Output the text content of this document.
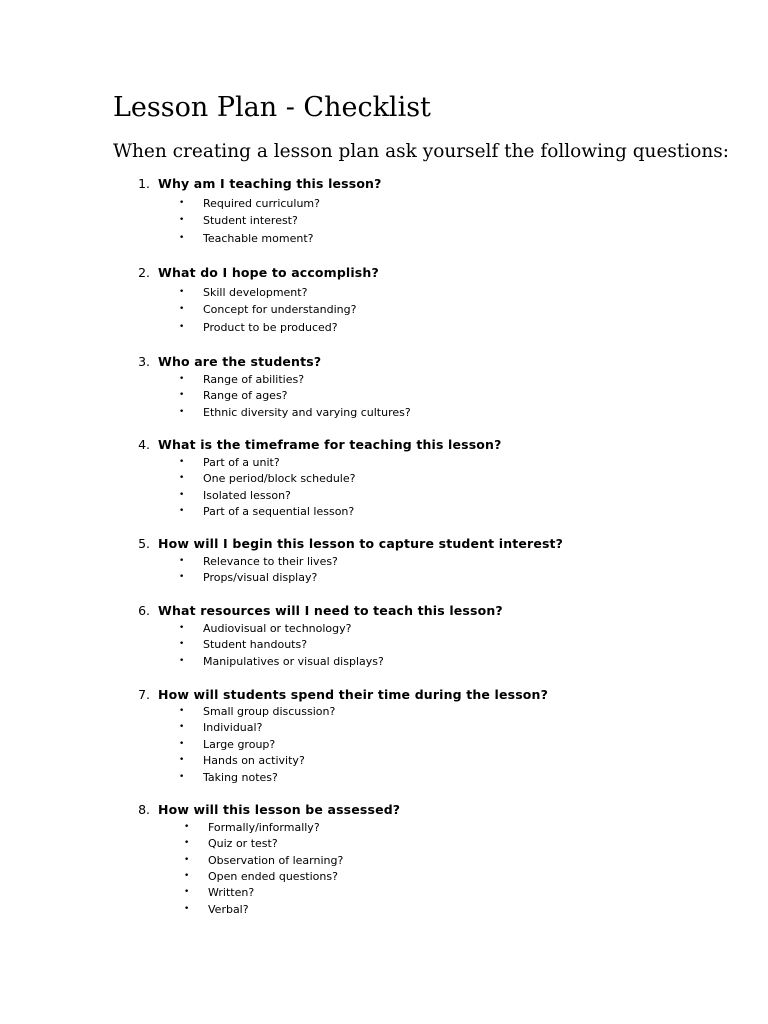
Lesson Plan - Checklist

When creating a lesson plan ask yourself the following questions:

1. Why am I teaching this lesson?
• Required curriculum?
• Student interest?
• Teachable moment?
2. What do I hope to accomplish?
• Skill development?
• Concept for understanding?
• Product to be produced?
3. Who are the students?
• Range of abilities?
• Range of ages?
• Ethnic diversity and varying cultures?
4. What is the timeframe for teaching this lesson?
• Part of a unit?
• One period/block schedule?
• Isolated lesson?
• Part of a sequential lesson?
5. How will I begin this lesson to capture student interest?
• Relevance to their lives?
• Props/visual display?
6. What resources will I need to teach this lesson?
• Audiovisual or technology?
• Student handouts?
• Manipulatives or visual displays?
7. How will students spend their time during the lesson?
• Small group discussion?
• Individual?
• Large group?
• Hands on activity?
• Taking notes?
8. How will this lesson be assessed?
• Formally/informally?
• Quiz or test?
• Observation of learning?
• Open ended questions?
• Written?
• Verbal?
